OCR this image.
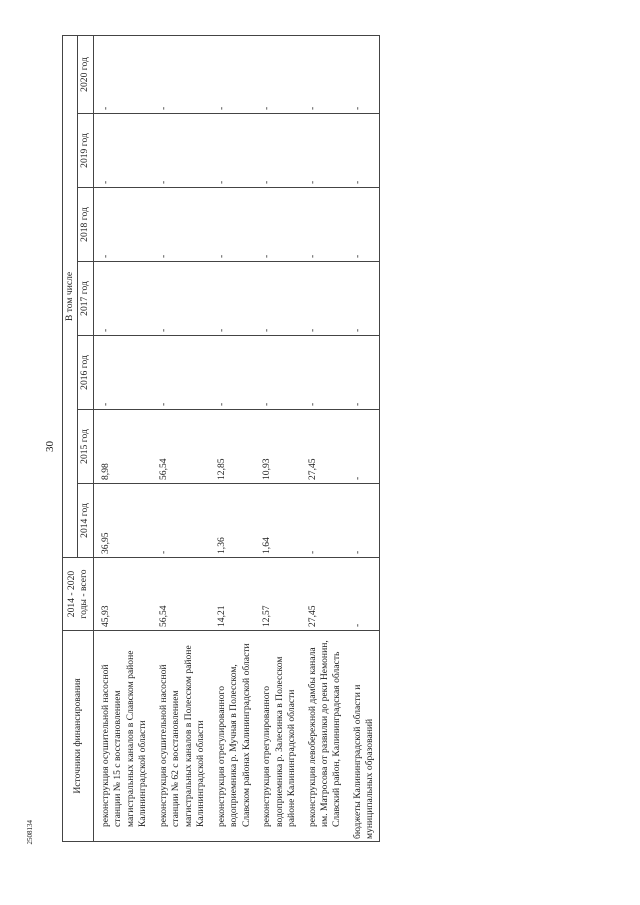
30
2508134
Источники финансирования	2014 - 2020 годы - всего	В том числе						
		2014 год	2015 год	2016 год	2017 год	2018 год	2019 год	2020 год
реконструкция осушительной насосной станции № 15 с восстановлением магистральных каналов в Славском районе Калининградской области	45,93	36,95	8,98	-	-	-	-	-
реконструкция осушительной насосной станции № 62 с восстановлением магистральных каналов в Полесском районе Калининградской области	56,54	-	56,54	-	-	-	-	-
реконструкция отрегулированного водоприемника р. Мучная в Полесском, Славском районах Калининградской области	14,21	1,36	12,85	-	-	-	-	-
реконструкция отрегулированного водоприемника р. Залесинка в Полесском районе Калининградской области	12,57	1,64	10,93	-	-	-	-	-
реконструкция левобережной дамбы канала им. Матросова от развилки до реки Немонин, Славский район, Калининградская область	27,45	-	27,45	-	-	-	-	-
бюджеты Калининградской области и муниципальных образований	-	-	-	-	-	-	-	-
